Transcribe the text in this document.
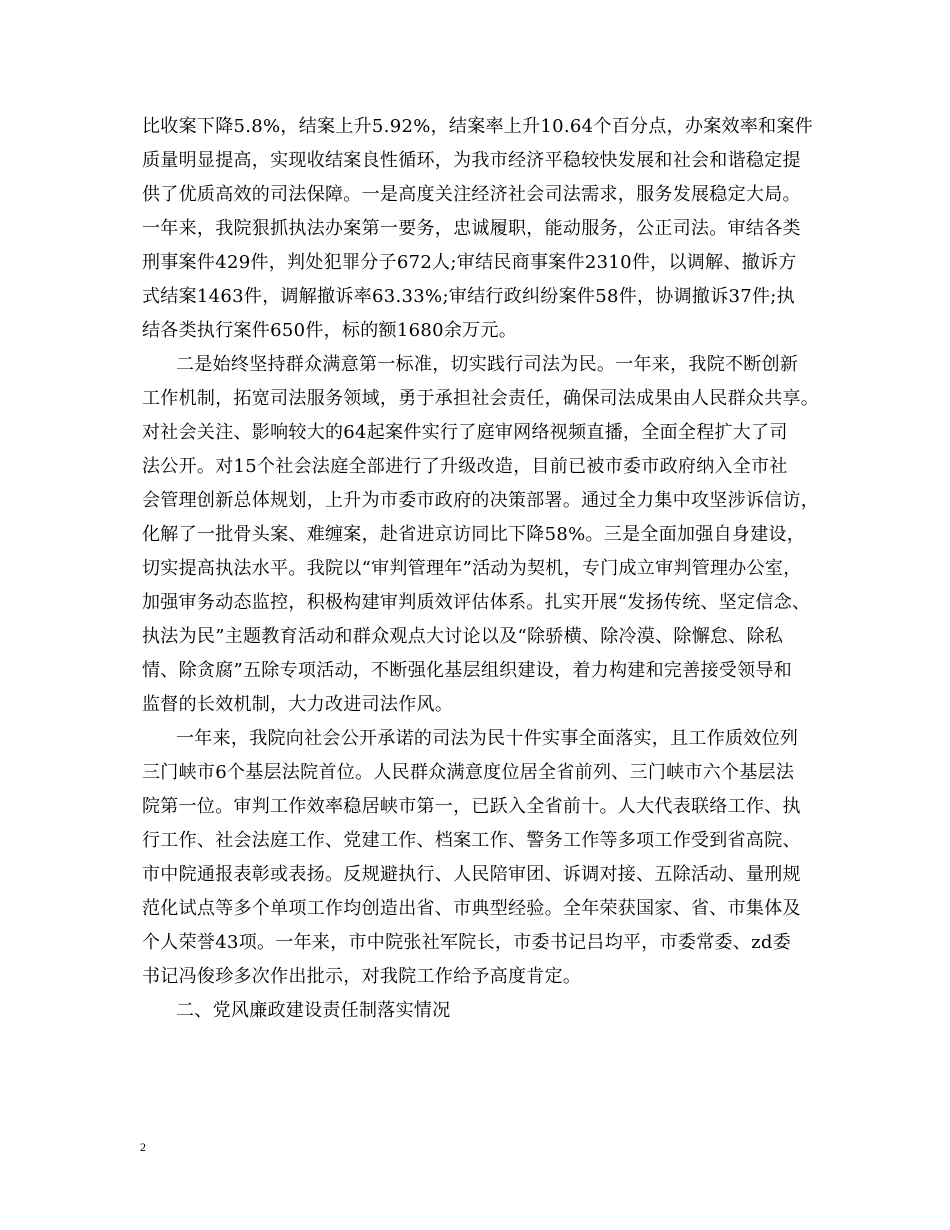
比收案下降5.8%，结案上升5.92%，结案率上升10.64个百分点，办案效率和案件
质量明显提高，实现收结案良性循环，为我市经济平稳较快发展和社会和谐稳定提
供了优质高效的司法保障。一是高度关注经济社会司法需求，服务发展稳定大局。
一年来，我院狠抓执法办案第一要务，忠诚履职，能动服务，公正司法。审结各类
刑事案件429件，判处犯罪分子672人;审结民商事案件2310件，以调解、撤诉方
式结案1463件，调解撤诉率63.33%;审结行政纠纷案件58件，协调撤诉37件;执
结各类执行案件650件，标的额1680余万元。

二是始终坚持群众满意第一标准，切实践行司法为民。一年来，我院不断创新
工作机制，拓宽司法服务领域，勇于承担社会责任，确保司法成果由人民群众共享。
对社会关注、影响较大的64起案件实行了庭审网络视频直播，全面全程扩大了司
法公开。对15个社会法庭全部进行了升级改造，目前已被市委市政府纳入全市社
会管理创新总体规划，上升为市委市政府的决策部署。通过全力集中攻坚涉诉信访，
化解了一批骨头案、难缠案，赴省进京访同比下降58%。三是全面加强自身建设，
切实提高执法水平。我院以“审判管理年”活动为契机，专门成立审判管理办公室，
加强审务动态监控，积极构建审判质效评估体系。扎实开展“发扬传统、坚定信念、
执法为民”主题教育活动和群众观点大讨论以及“除骄横、除冷漠、除懈怠、除私
情、除贪腐”五除专项活动，不断强化基层组织建设，着力构建和完善接受领导和
监督的长效机制，大力改进司法作风。

一年来，我院向社会公开承诺的司法为民十件实事全面落实，且工作质效位列
三门峡市6个基层法院首位。人民群众满意度位居全省前列、三门峡市六个基层法
院第一位。审判工作效率稳居峡市第一，已跃入全省前十。人大代表联络工作、执
行工作、社会法庭工作、党建工作、档案工作、警务工作等多项工作受到省高院、
市中院通报表彰或表扬。反规避执行、人民陪审团、诉调对接、五除活动、量刑规
范化试点等多个单项工作均创造出省、市典型经验。全年荣获国家、省、市集体及
个人荣誉43项。一年来，市中院张社军院长，市委书记吕均平，市委常委、zd委
书记冯俊珍多次作出批示，对我院工作给予高度肯定。

二、党风廉政建设责任制落实情况

2
